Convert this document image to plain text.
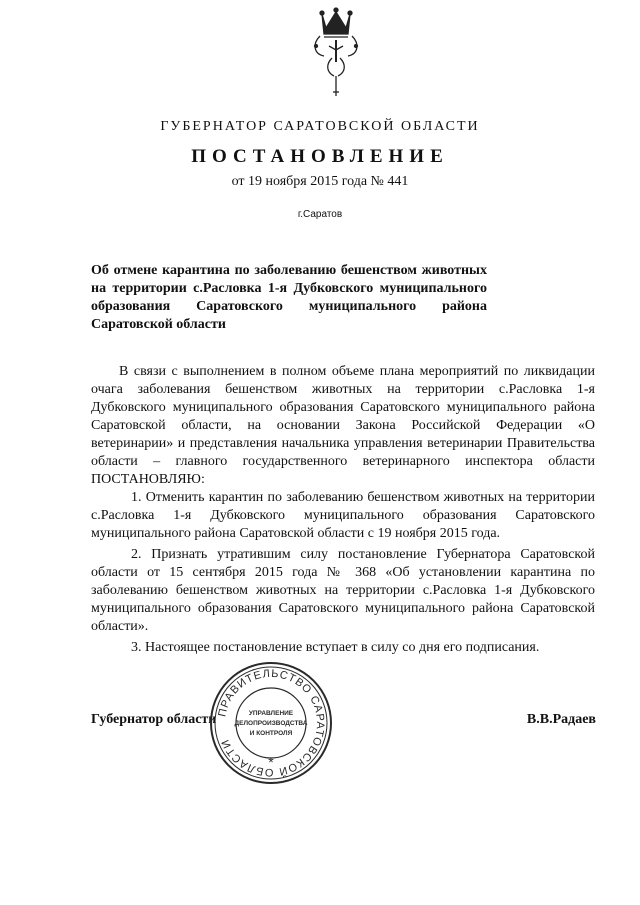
ГУБЕРНАТОР САРАТОВСКОЙ ОБЛАСТИ
ПОСТАНОВЛЕНИЕ
от 19 ноября 2015 года № 441
г.Саратов
Об отмене карантина по заболеванию бешенством животных на территории с.Расловка 1-я Дубковского муниципального образования Саратовского муниципального района Саратовской области

В связи с выполнением в полном объеме плана мероприятий по ликвидации очага заболевания бешенством животных на территории с.Расловка 1-я Дубковского муниципального образования Саратовского муниципального района Саратовской области, на основании Закона Российской Федерации «О ветеринарии» и представления начальника управления ветеринарии Правительства области – главного государственного ветеринарного инспектора области ПОСТАНОВЛЯЮ:

1. Отменить карантин по заболеванию бешенством животных на территории с.Расловка 1-я Дубковского муниципального образования Саратовского муниципального района Саратовской области с 19 ноября 2015 года.

2. Признать утратившим силу постановление Губернатора Саратовской области от 15 сентября 2015 года № 368 «Об установлении карантина по заболеванию бешенством животных на территории с.Расловка 1-я Дубковского муниципального образования Саратовского муниципального района Саратовской области».

3. Настоящее постановление вступает в силу со дня его подписания.

Губернатор области	В.В.Радаев
ПРАВИТЕЛЬСТВО САРАТОВСКОЙ ОБЛАСТИ
УПРАВЛЕНИЕ
ДЕЛОПРОИЗВОДСТВА
И КОНТРОЛЯ
*
